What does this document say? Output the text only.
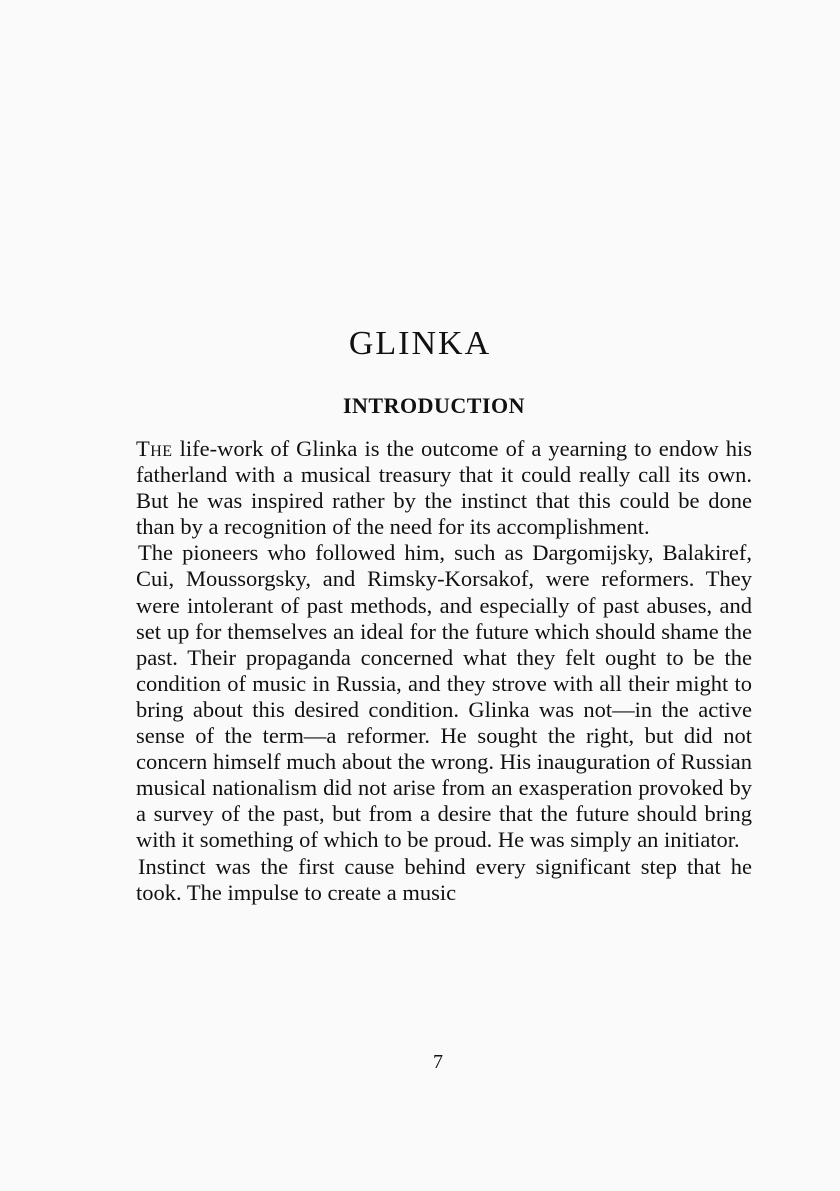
GLINKA
INTRODUCTION

The life-work of Glinka is the outcome of a yearning to endow his fatherland with a musical treasury that it could really call its own. But he was inspired rather by the instinct that this could be done than by a recognition of the need for its accomplishment.

The pioneers who followed him, such as Dargomijsky, Balakiref, Cui, Moussorgsky, and Rimsky-Korsakof, were reformers. They were intolerant of past methods, and especially of past abuses, and set up for themselves an ideal for the future which should shame the past. Their propaganda concerned what they felt ought to be the condition of music in Russia, and they strove with all their might to bring about this desired condition. Glinka was not—in the active sense of the term—a reformer. He sought the right, but did not concern himself much about the wrong. His inauguration of Russian musical nationalism did not arise from an exasperation provoked by a survey of the past, but from a desire that the future should bring with it something of which to be proud. He was simply an initiator.

Instinct was the first cause behind every significant step that he took. The impulse to create a music

7
